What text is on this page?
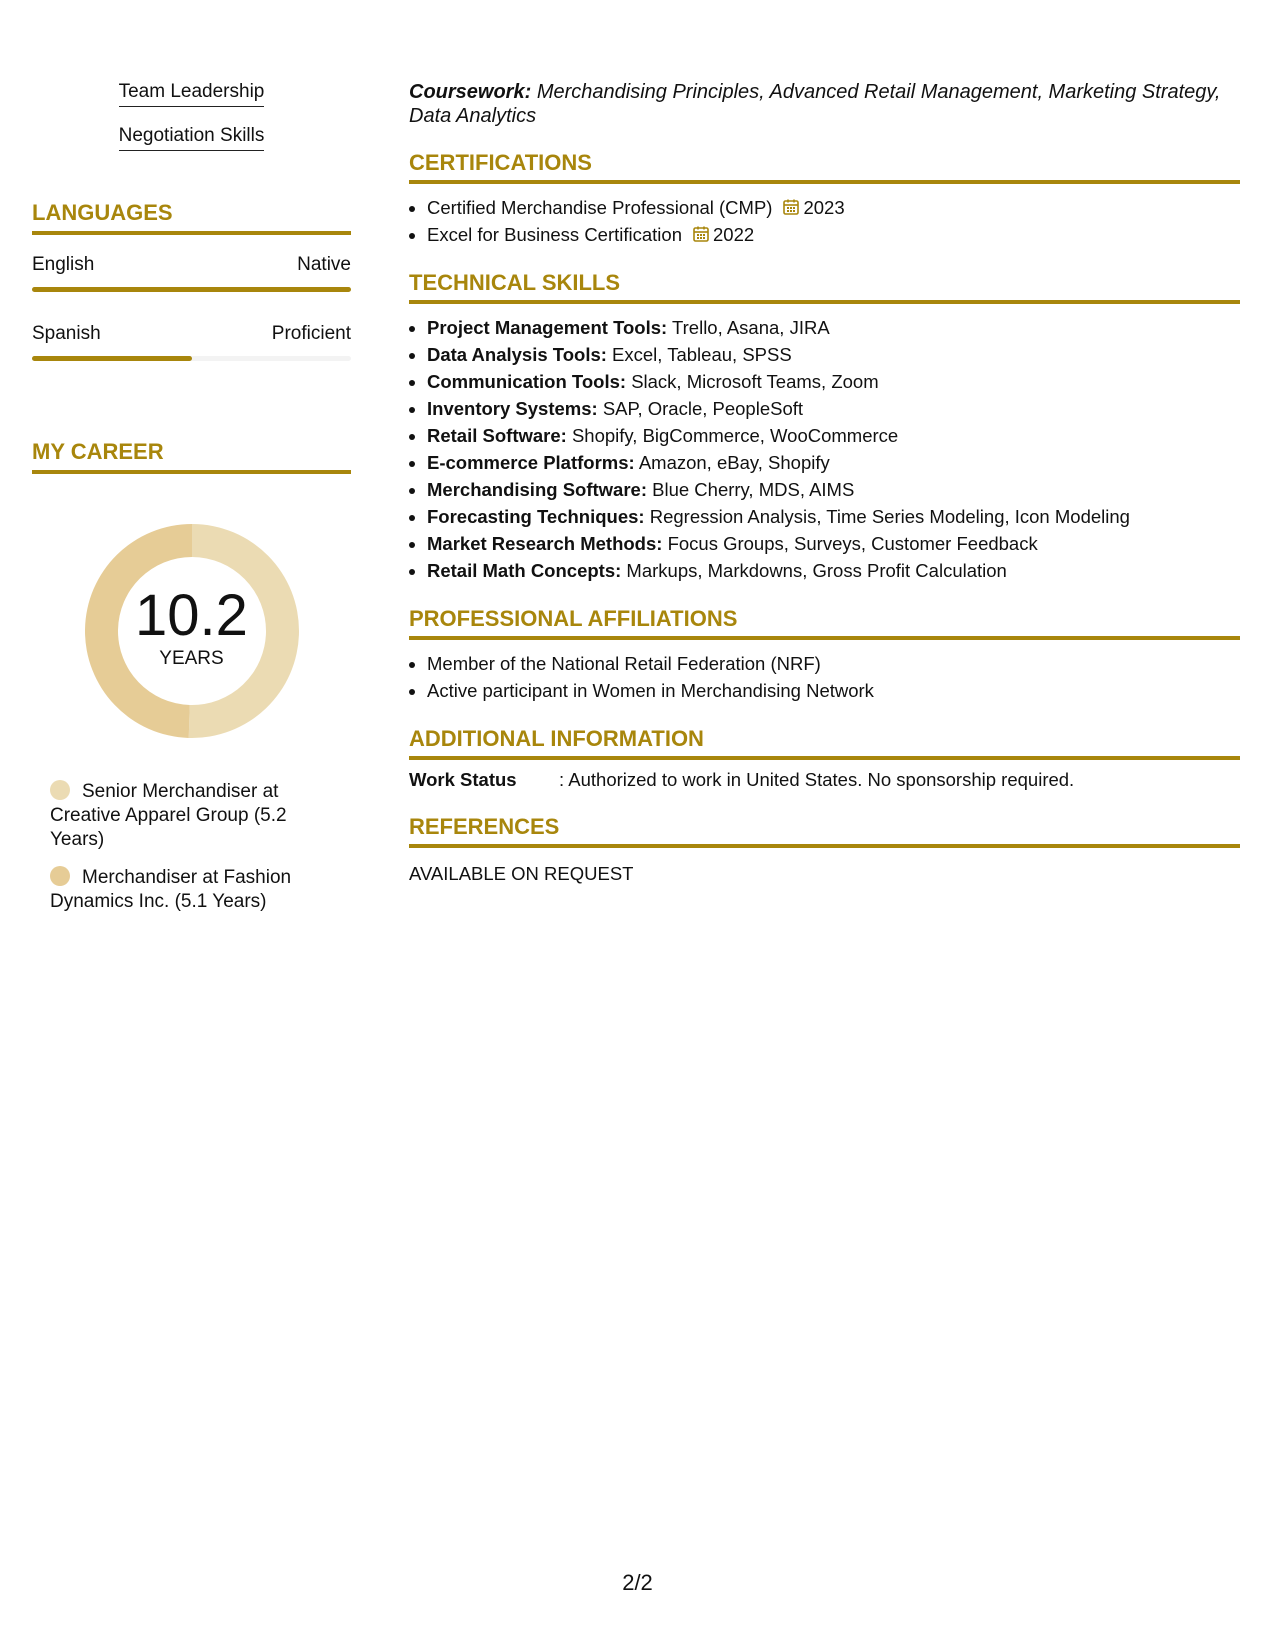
Team Leadership
Negotiation Skills
LANGUAGES
English	Native
Spanish	Proficient
MY CAREER
10.2
YEARS
Senior Merchandiser at Creative Apparel Group (5.2 Years)
Merchandiser at Fashion Dynamics Inc. (5.1 Years)

Coursework: Merchandising Principles, Advanced Retail Management, Marketing Strategy, Data Analytics

CERTIFICATIONS
• Certified Merchandise Professional (CMP) 2023
• Excel for Business Certification 2022
TECHNICAL SKILLS
• Project Management Tools: Trello, Asana, JIRA
• Data Analysis Tools: Excel, Tableau, SPSS
• Communication Tools: Slack, Microsoft Teams, Zoom
• Inventory Systems: SAP, Oracle, PeopleSoft
• Retail Software: Shopify, BigCommerce, WooCommerce
• E-commerce Platforms: Amazon, eBay, Shopify
• Merchandising Software: Blue Cherry, MDS, AIMS
• Forecasting Techniques: Regression Analysis, Time Series Modeling, Icon Modeling
• Market Research Methods: Focus Groups, Surveys, Customer Feedback
• Retail Math Concepts: Markups, Markdowns, Gross Profit Calculation
PROFESSIONAL AFFILIATIONS
• Member of the National Retail Federation (NRF)
• Active participant in Women in Merchandising Network
ADDITIONAL INFORMATION
Work Status	: Authorized to work in United States. No sponsorship required.
REFERENCES
AVAILABLE ON REQUEST
2/2
